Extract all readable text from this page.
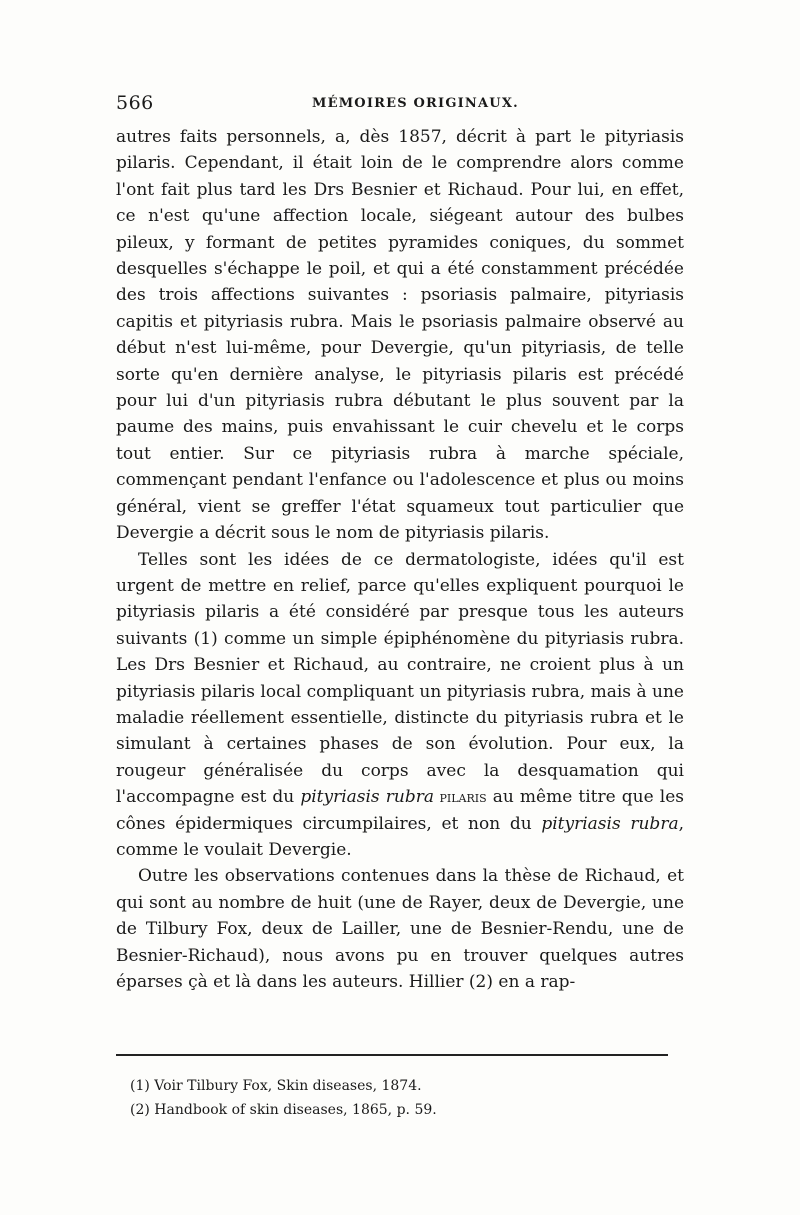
566	MÉMOIRES ORIGINAUX.

autres faits personnels, a, dès 1857, décrit à part le pityriasis pilaris. Cependant, il était loin de le comprendre alors comme l'ont fait plus tard les Drs Besnier et Richaud. Pour lui, en effet, ce n'est qu'une affection locale, siégeant autour des bulbes pileux, y formant de petites pyramides coniques, du sommet desquelles s'échappe le poil, et qui a été constamment précédée des trois affections suivantes : psoriasis palmaire, pityriasis capitis et pityriasis rubra. Mais le psoriasis palmaire observé au début n'est lui-même, pour Devergie, qu'un pityriasis, de telle sorte qu'en dernière analyse, le pityriasis pilaris est précédé pour lui d'un pityriasis rubra débutant le plus souvent par la paume des mains, puis envahissant le cuir chevelu et le corps tout entier. Sur ce pityriasis rubra à marche spéciale, commençant pendant l'enfance ou l'adolescence et plus ou moins général, vient se greffer l'état squameux tout particulier que Devergie a décrit sous le nom de pityriasis pilaris.

Telles sont les idées de ce dermatologiste, idées qu'il est urgent de mettre en relief, parce qu'elles expliquent pourquoi le pityriasis pilaris a été considéré par presque tous les auteurs suivants (1) comme un simple épiphénomène du pityriasis rubra. Les Drs Besnier et Richaud, au contraire, ne croient plus à un pityriasis pilaris local compliquant un pityriasis rubra, mais à une maladie réellement essentielle, distincte du pityriasis rubra et le simulant à certaines phases de son évolution. Pour eux, la rougeur généralisée du corps avec la desquamation qui l'accompagne est du pityriasis rubra pilaris au même titre que les cônes épidermiques circumpilaires, et non du pityriasis rubra, comme le voulait Devergie.

Outre les observations contenues dans la thèse de Richaud, et qui sont au nombre de huit (une de Rayer, deux de Devergie, une de Tilbury Fox, deux de Lailler, une de Besnier-Rendu, une de Besnier-Richaud), nous avons pu en trouver quelques autres éparses çà et là dans les auteurs. Hillier (2) en a rap-

(1) Voir Tilbury Fox, Skin diseases, 1874.
(2) Handbook of skin diseases, 1865, p. 59.
